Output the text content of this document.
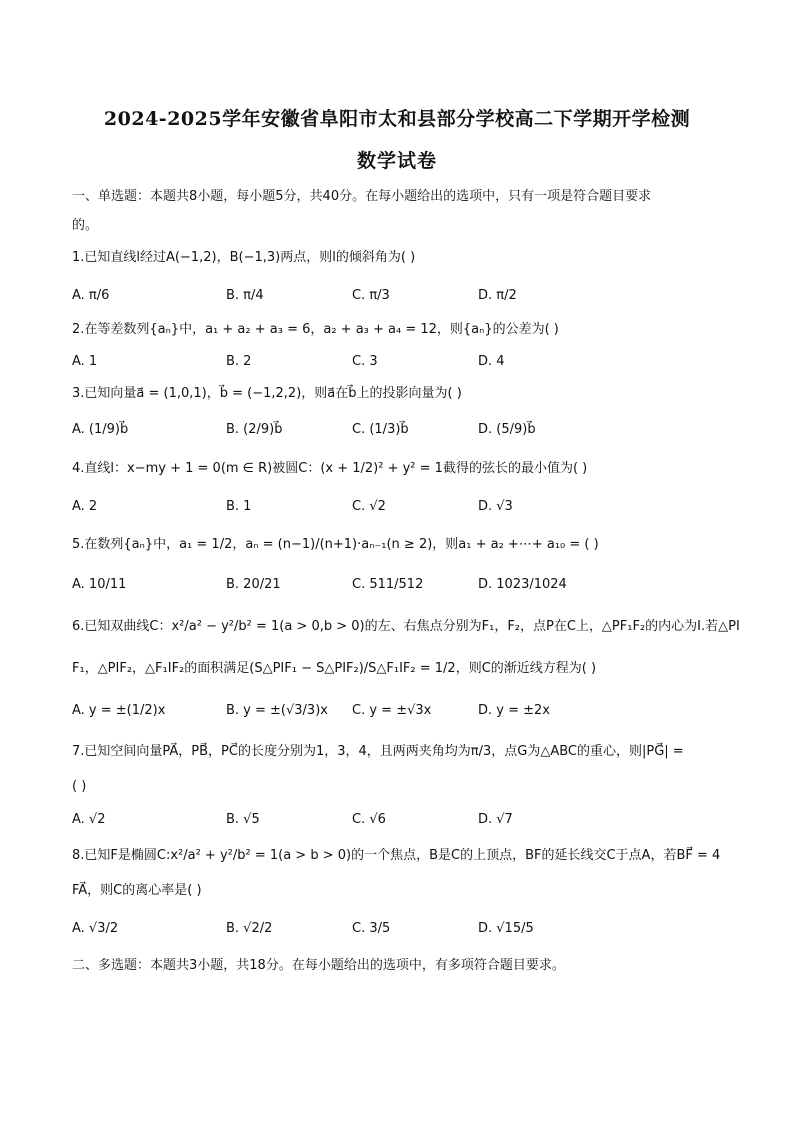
2024-2025学年安徽省阜阳市太和县部分学校高二下学期开学检测
数学试卷
一、单选题：本题共8小题，每小题5分，共40分。在每小题给出的选项中，只有一项是符合题目要求
的。
1.已知直线l经过A(−1,2)，B(−1,3)两点，则l的倾斜角为( )
A. π/6	B. π/4	C. π/3	D. π/2
2.在等差数列{aₙ}中，a₁ + a₂ + a₃ = 6，a₂ + a₃ + a₄ = 12，则{aₙ}的公差为( )
A. 1	B. 2	C. 3	D. 4
3.已知向量a⃗ = (1,0,1)，b⃗ = (−1,2,2)，则a⃗在b⃗上的投影向量为( )
A. (1/9)b⃗	B. (2/9)b⃗	C. (1/3)b⃗	D. (5/9)b⃗
4.直线l：x−my + 1 = 0(m ∈ R)被圆C：(x + 1/2)² + y² = 1截得的弦长的最小值为( )
A. 2	B. 1	C. √2	D. √3
5.在数列{aₙ}中，a₁ = 1/2，aₙ = (n−1)/(n+1)·aₙ₋₁(n ≥ 2)，则a₁ + a₂ +⋯+ a₁₀ = ( )
A. 10/11	B. 20/21	C. 511/512	D. 1023/1024
6.已知双曲线C：x²/a² − y²/b² = 1(a > 0,b > 0)的左、右焦点分别为F₁，F₂，点P在C上，△PF₁F₂的内心为I.若△PI
F₁，△PIF₂，△F₁IF₂的面积满足(S△PIF₁ − S△PIF₂)/S△F₁IF₂ = 1/2，则C的渐近线方程为( )
A. y = ±(1/2)x	B. y = ±(√3/3)x C. y = ±√3x	D. y = ±2x
7.已知空间向量PA⃗，PB⃗，PC⃗的长度分别为1，3，4，且两两夹角均为π/3，点G为△ABC的重心，则|PG⃗| =
( )
A. √2	B. √5	C. √6	D. √7
8.已知F是椭圆C:x²/a² + y²/b² = 1(a > b > 0)的一个焦点，B是C的上顶点，BF的延长线交C于点A，若BF⃗ = 4
FA⃗，则C的离心率是( )
A. √3/2	B. √2/2	C. 3/5	D. √15/5
二、多选题：本题共3小题，共18分。在每小题给出的选项中，有多项符合题目要求。
